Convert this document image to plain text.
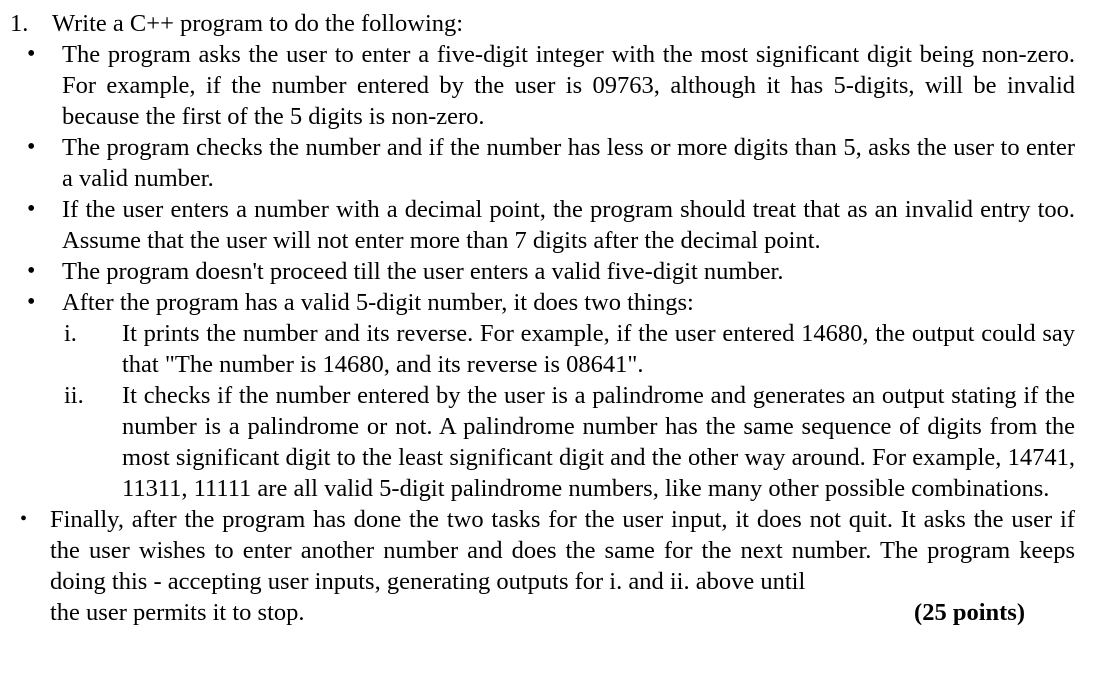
1. Write a C++ program to do the following:
• The program asks the user to enter a five-digit integer with the most significant digit being non-zero. For example, if the number entered by the user is 09763, although it has 5-digits, will be invalid because the first of the 5 digits is non-zero.
• The program checks the number and if the number has less or more digits than 5, asks the user to enter a valid number.
• If the user enters a number with a decimal point, the program should treat that as an invalid entry too. Assume that the user will not enter more than 7 digits after the decimal point.
• The program doesn't proceed till the user enters a valid five-digit number.
• After the program has a valid 5-digit number, it does two things:
i. It prints the number and its reverse. For example, if the user entered 14680, the output could say that "The number is 14680, and its reverse is 08641".
ii. It checks if the number entered by the user is a palindrome and generates an output stating if the number is a palindrome or not. A palindrome number has the same sequence of digits from the most significant digit to the least significant digit and the other way around. For example, 14741, 11311, 11111 are all valid 5-digit palindrome numbers, like many other possible combinations.
• Finally, after the program has done the two tasks for the user input, it does not quit. It asks the user if the user wishes to enter another number and does the same for the next number. The program keeps doing this - accepting user inputs, generating outputs for i. and ii. above until
the user permits it to stop.	(25 points)
